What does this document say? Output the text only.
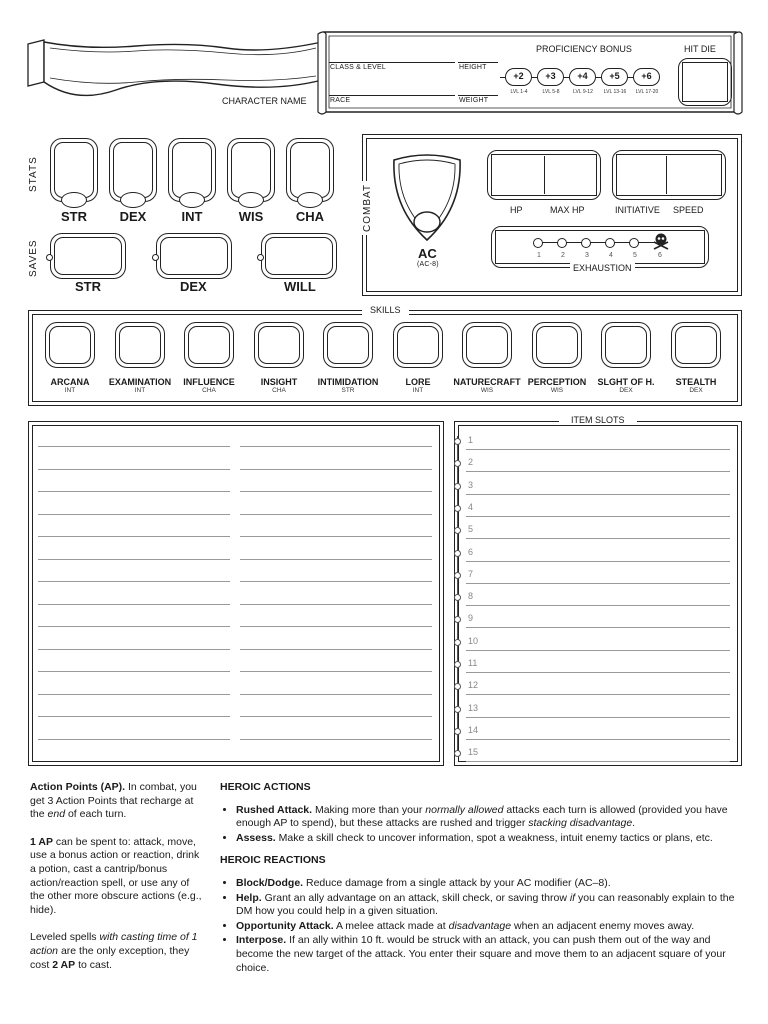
CHARACTER NAME
CLASS & LEVEL	HEIGHT
RACE	WEIGHT
PROFICIENCY BONUS
+2	+3	+4	+5	+6
LVL 1-4	LVL 5-8	LVL 9-12	LVL 13-16	LVL 17-20
HIT DIE
STATS
SAVES
STR	DEX	INT	WIS	CHA
STR	DEX	WILL
COMBAT
AC
(AC-8)
HP	MAX HP	INITIATIVE SPEED
1	2	3	4	5	6
EXHAUSTION
SKILLS
ARCANA
INT
EXAMINATION
INT
INFLUENCE
CHA
INSIGHT
CHA
INTIMIDATION
STR
LORE
INT
NATURECRAFT
WIS
PERCEPTION
WIS
SLGHT OF H.
DEX
STEALTH
DEX
ITEM SLOTS
1
2
3
4
5
6
7
8
9
10
11
12
13
14
15

Action Points (AP). In combat, you get 3 Action Points that recharge at the end of each turn.

1 AP can be spent to: attack, move, use a bonus action or reaction, drink a potion, cast a cantrip/bonus action/reaction spell, or use any of the other more obscure actions (e.g., hide).

Leveled spells with casting time of 1 action are the only exception, they cost 2 AP to cast.

HEROIC ACTIONS

• Rushed Attack. Making more than your normally allowed attacks each turn is allowed (provided you have enough AP to spend), but these attacks are rushed and trigger stacking disadvantage.
• Assess. Make a skill check to uncover information, spot a weakness, intuit enemy tactics or plans, etc.

HEROIC REACTIONS

• Block/Dodge. Reduce damage from a single attack by your AC modifier (AC–8).
• Help. Grant an ally advantage on an attack, skill check, or saving throw if you can reasonably explain to the DM how you could help in a given situation.
• Opportunity Attack. A melee attack made at disadvantage when an adjacent enemy moves away.
• Interpose. If an ally within 10 ft. would be struck with an attack, you can push them out of the way and become the new target of the attack. You enter their square and move them to an adjacent square of your choice.
